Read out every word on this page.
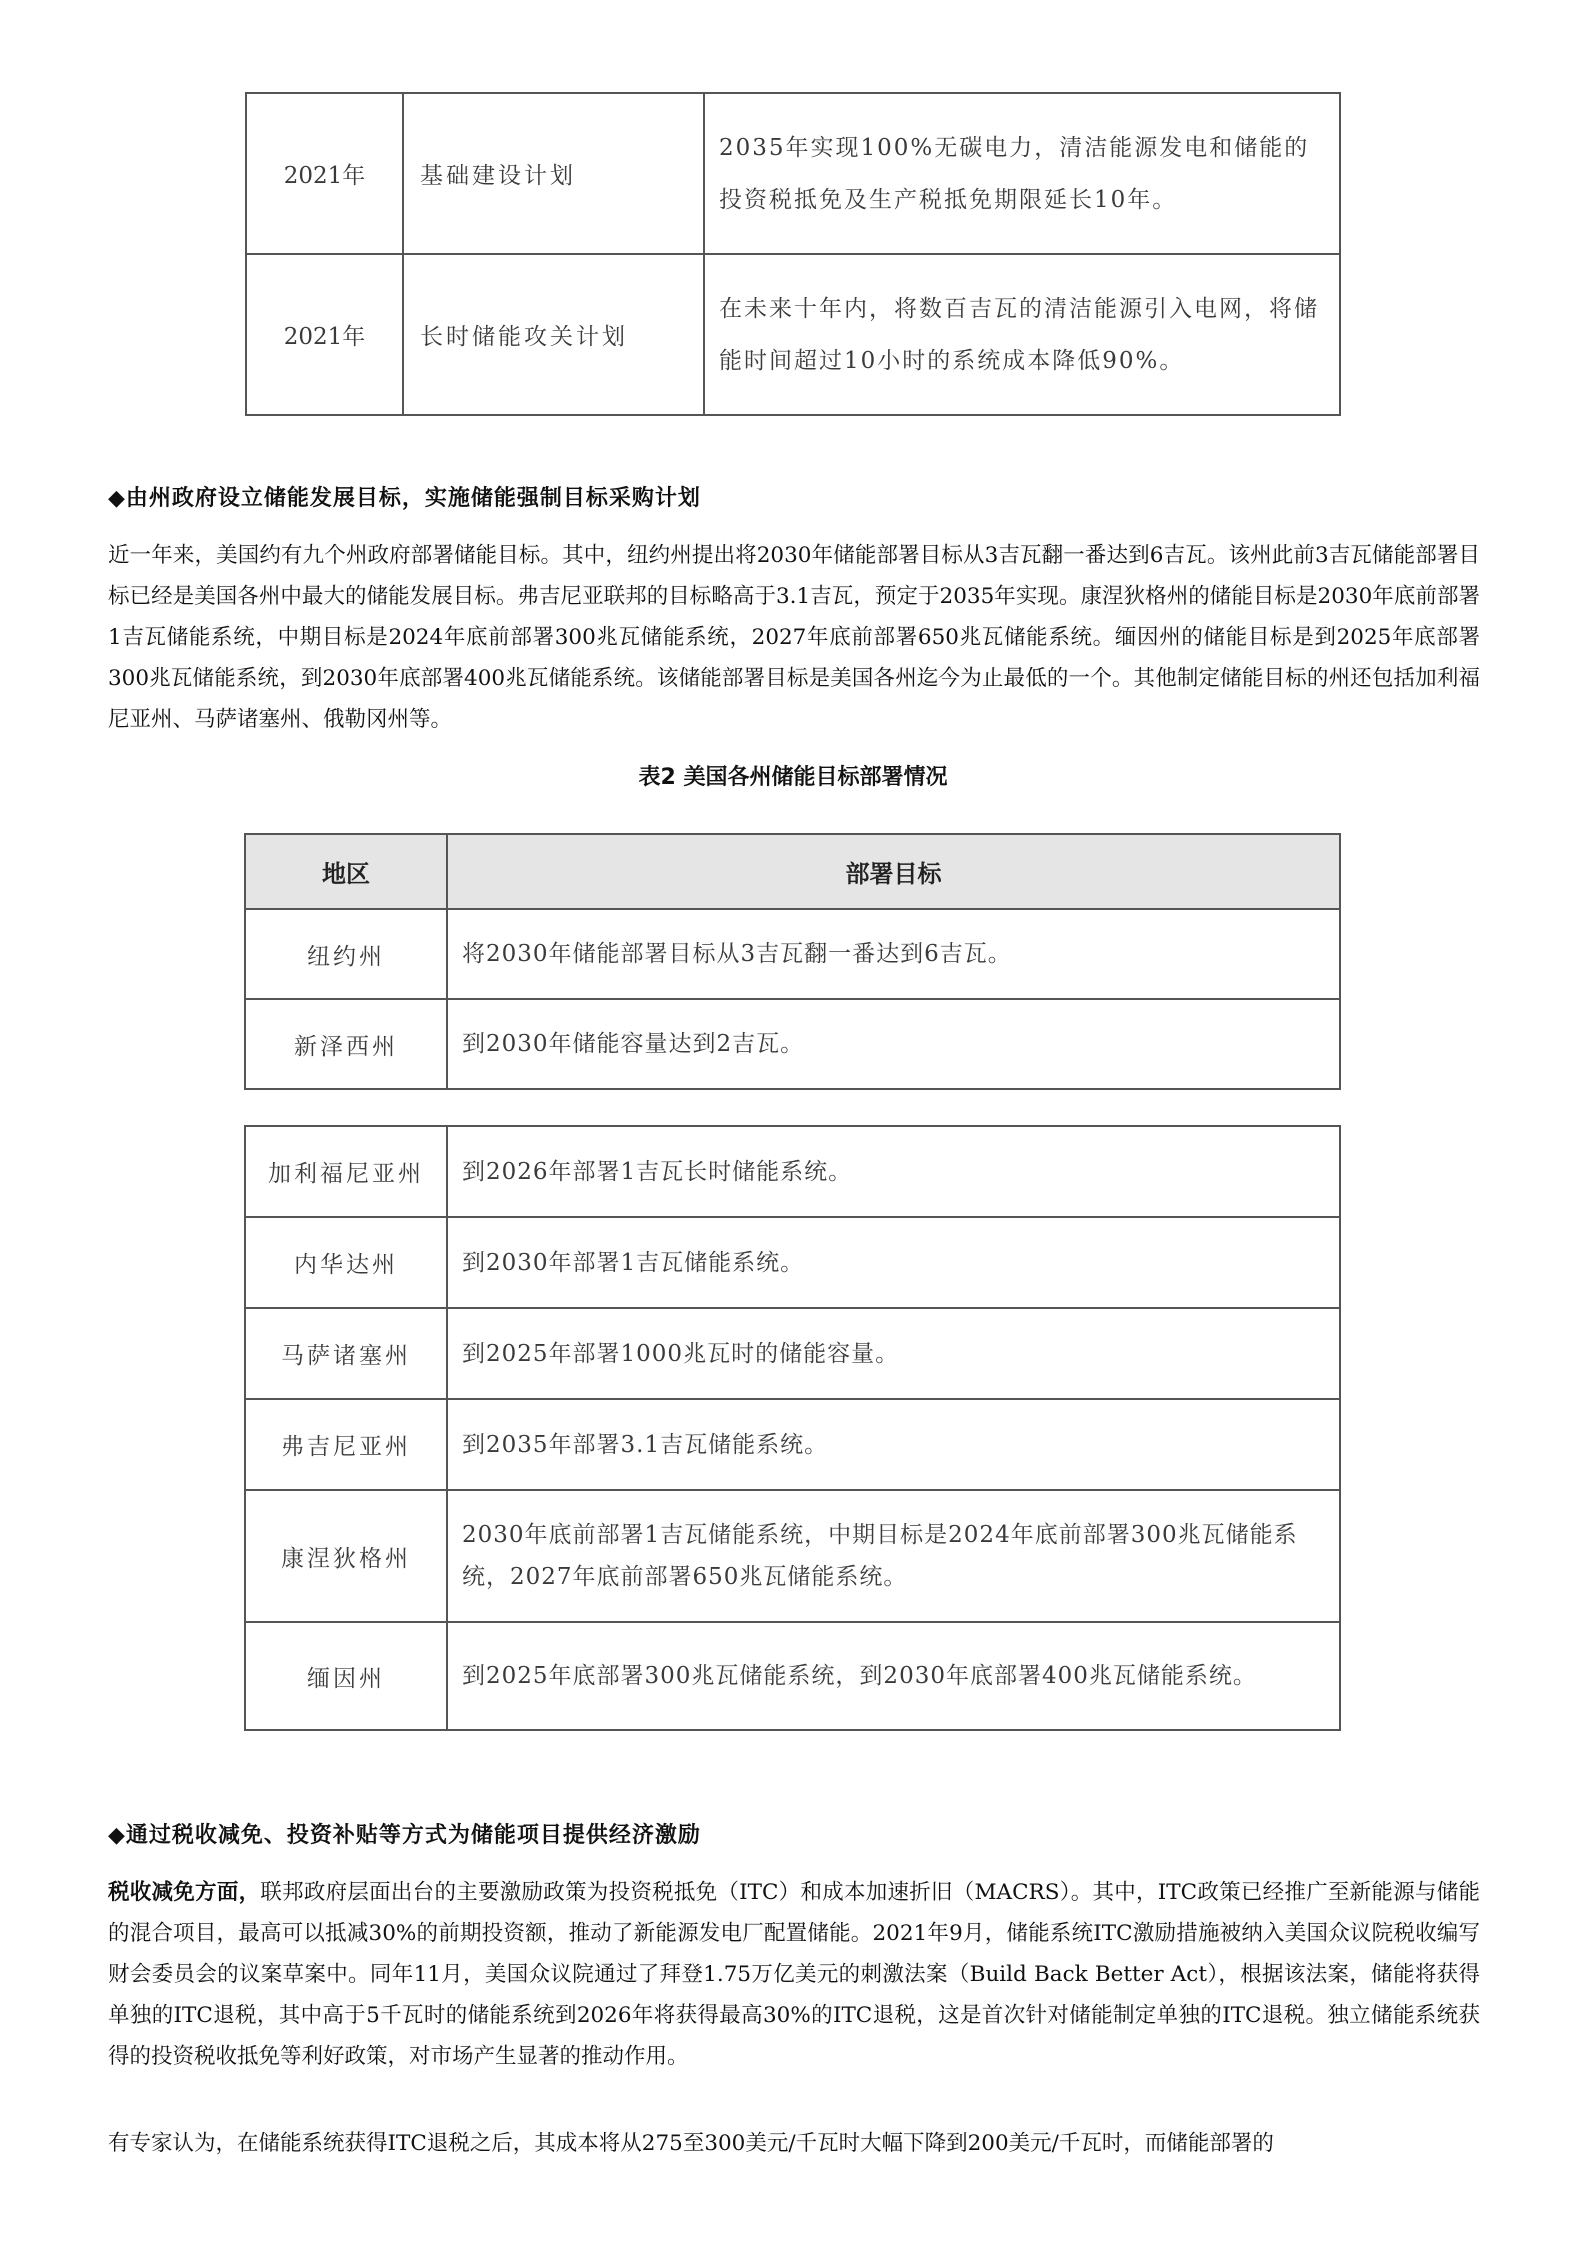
2021年	基础建设计划	2035年实现100%无碳电力，清洁能源发电和储能的投资税抵免及生产税抵免期限延长10年。
2021年	长时储能攻关计划	在未来十年内，将数百吉瓦的清洁能源引入电网，将储能时间超过10小时的系统成本降低90%。
◆由州政府设立储能发展目标，实施储能强制目标采购计划
近一年来，美国约有九个州政府部署储能目标。其中，纽约州提出将2030年储能部署目标从3吉瓦翻一番达到6吉瓦。该州此前3吉瓦储能部署目标已经是美国各州中最大的储能发展目标。弗吉尼亚联邦的目标略高于3.1吉瓦，预定于2035年实现。康涅狄格州的储能目标是2030年底前部署1吉瓦储能系统，中期目标是2024年底前部署300兆瓦储能系统，2027年底前部署650兆瓦储能系统。缅因州的储能目标是到2025年底部署300兆瓦储能系统，到2030年底部署400兆瓦储能系统。该储能部署目标是美国各州迄今为止最低的一个。其他制定储能目标的州还包括加利福尼亚州、马萨诸塞州、俄勒冈州等。
表2 美国各州储能目标部署情况
地区	部署目标
纽约州	将2030年储能部署目标从3吉瓦翻一番达到6吉瓦。
新泽西州	到2030年储能容量达到2吉瓦。
加利福尼亚州	到2026年部署1吉瓦长时储能系统。
内华达州	到2030年部署1吉瓦储能系统。
马萨诸塞州	到2025年部署1000兆瓦时的储能容量。
弗吉尼亚州	到2035年部署3.1吉瓦储能系统。
康涅狄格州	2030年底前部署1吉瓦储能系统，中期目标是2024年底前部署300兆瓦储能系统，2027年底前部署650兆瓦储能系统。
缅因州	到2025年底部署300兆瓦储能系统，到2030年底部署400兆瓦储能系统。
◆通过税收减免、投资补贴等方式为储能项目提供经济激励
税收减免方面，联邦政府层面出台的主要激励政策为投资税抵免（ITC）和成本加速折旧（MACRS）。其中，ITC政策已经推广至新能源与储能的混合项目，最高可以抵减30%的前期投资额，推动了新能源发电厂配置储能。2021年9月，储能系统ITC激励措施被纳入美国众议院税收编写财会委员会的议案草案中。同年11月，美国众议院通过了拜登1.75万亿美元的刺激法案（Build Back Better Act），根据该法案，储能将获得单独的ITC退税，其中高于5千瓦时的储能系统到2026年将获得最高30%的ITC退税，这是首次针对储能制定单独的ITC退税。独立储能系统获得的投资税收抵免等利好政策，对市场产生显著的推动作用。
有专家认为，在储能系统获得ITC退税之后，其成本将从275至300美元/千瓦时大幅下降到200美元/千瓦时，而储能部署的
